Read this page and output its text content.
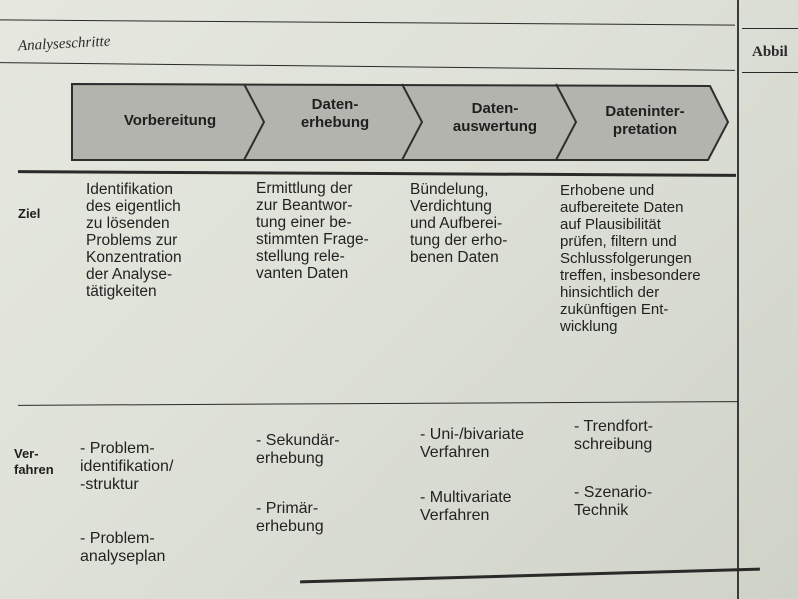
Analyseschritte	Abbil
Vorbereitung
Daten-
erhebung
Daten-
auswertung
Dateninter-
pretation
Ziel
Identifikation
des eigentlich
zu lösenden
Problems zur
Konzentration
der Analyse-
tätigkeiten
Ermittlung der
zur Beantwor-
tung einer be-
stimmten Frage-
stellung rele-
vanten Daten
Bündelung,
Verdichtung
und Aufberei-
tung der erho-
benen Daten
Erhobene und
aufbereitete Daten
auf Plausibilität
prüfen, filtern und
Schlussfolgerungen
treffen, insbesondere
hinsichtlich der
zukünftigen Ent-
wicklung
Ver-
fahren
- Problem-
identifikation/
-struktur
- Problem-
analyseplan
- Sekundär-
erhebung
- Primär-
erhebung
- Uni-/bivariate
Verfahren
- Multivariate
Verfahren
- Trendfort-
schreibung
- Szenario-
Technik
